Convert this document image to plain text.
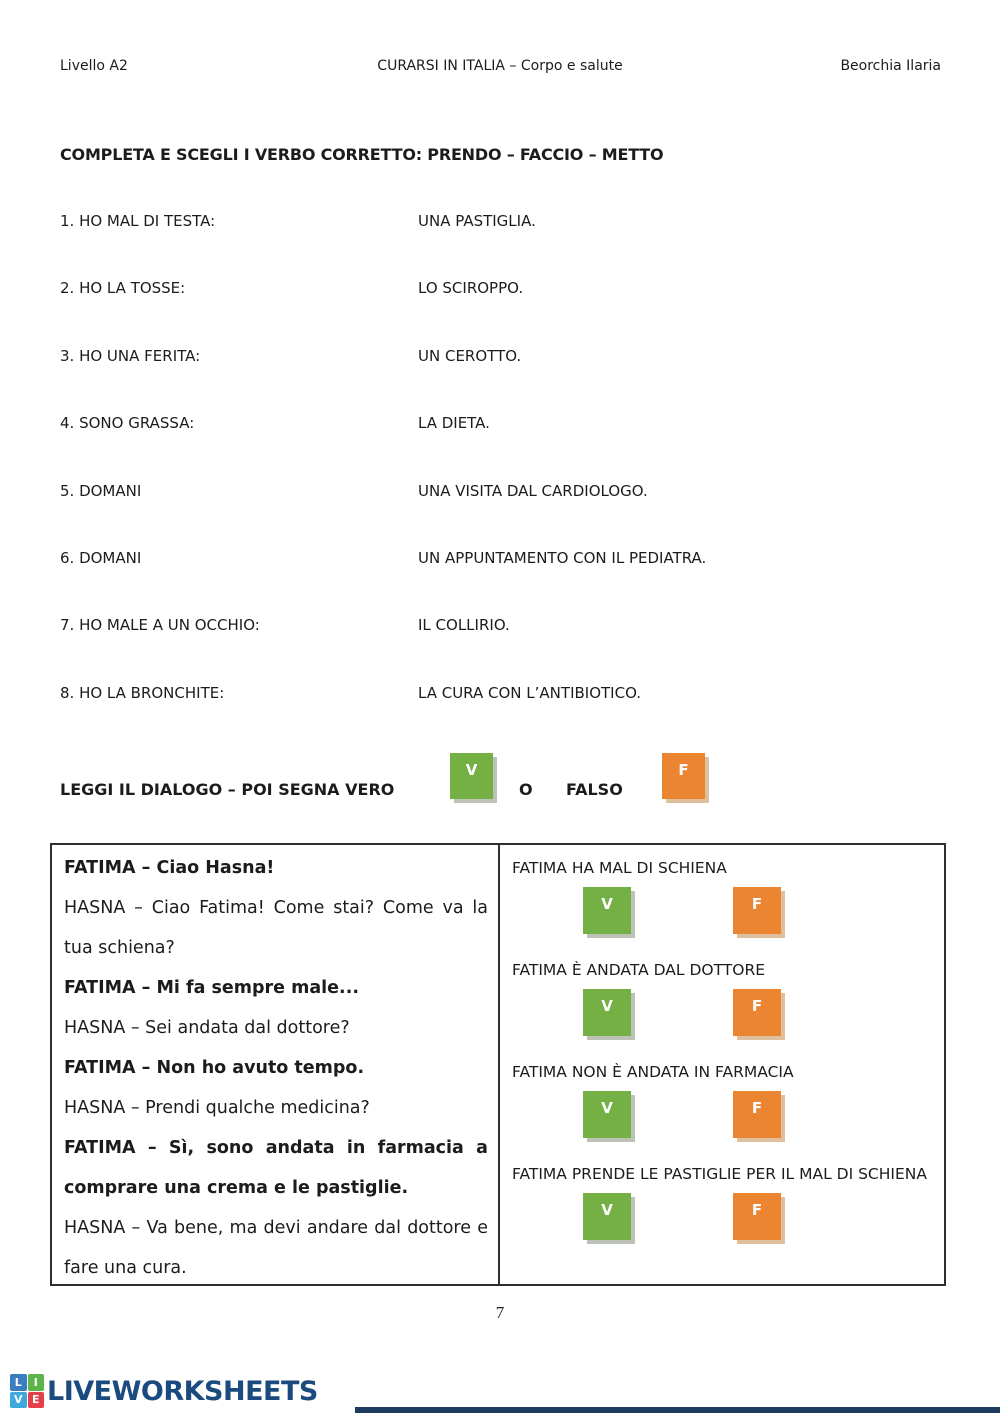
Livello A2	CURARSI IN ITALIA – Corpo e salute	Beorchia Ilaria
COMPLETA E SCEGLI I VERBO CORRETTO: PRENDO – FACCIO – METTO
1. HO MAL DI TESTA:	UNA PASTIGLIA.
2. HO LA TOSSE:	LO SCIROPPO.
3. HO UNA FERITA:	UN CEROTTO.
4. SONO GRASSA:	LA DIETA.
5. DOMANI	UNA VISITA DAL CARDIOLOGO.
6. DOMANI	UN APPUNTAMENTO CON IL PEDIATRA.
7. HO MALE A UN OCCHIO:	IL COLLIRIO.
8. HO LA BRONCHITE:	LA CURA CON L’ANTIBIOTICO.
LEGGI IL DIALOGO – POI SEGNA VERO
V
O FALSO
F

FATIMA – Ciao Hasna!

HASNA – Ciao Fatima! Come stai? Come va la tua schiena?

FATIMA – Mi fa sempre male...

HASNA – Sei andata dal dottore?

FATIMA – Non ho avuto tempo.

HASNA – Prendi qualche medicina?

FATIMA – Sì, sono andata in farmacia a comprare una crema e le pastiglie.

HASNA – Va bene, ma devi andare dal dottore e fare una cura.

FATIMA HA MAL DI SCHIENA

V	F

FATIMA È ANDATA DAL DOTTORE

V	F

FATIMA NON È ANDATA IN FARMACIA

V	F

FATIMA PRENDE LE PASTIGLIE PER IL MAL DI SCHIENA

V	F
7
L	I
V E LIVEWORKSHEETS
